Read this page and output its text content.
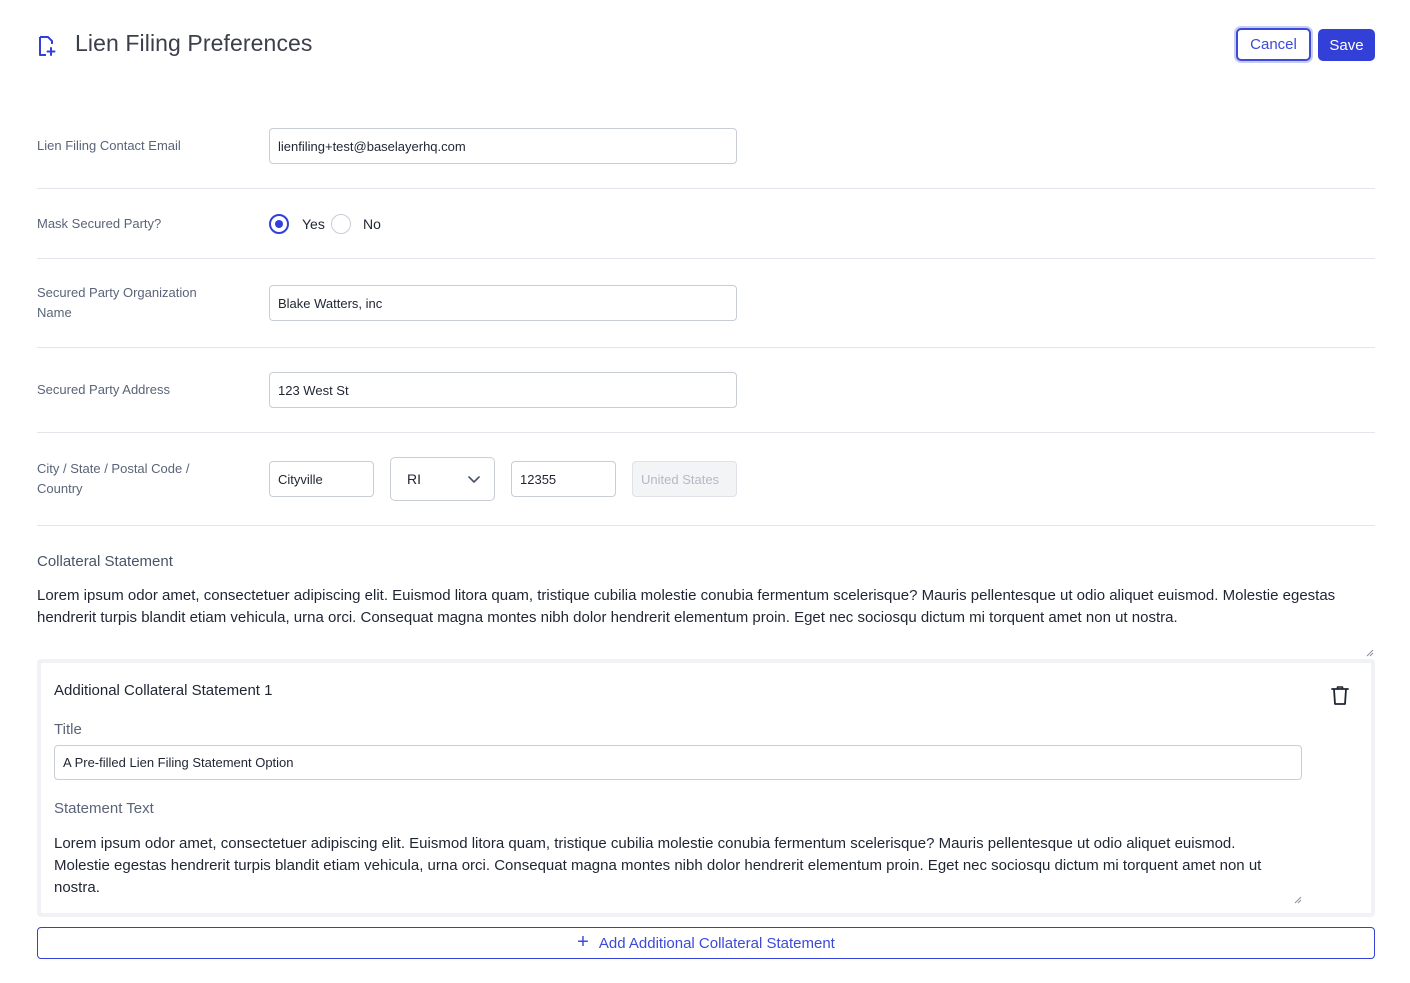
Lien Filing Preferences	Cancel	Save
Lien Filing Contact Email	lienfiling+test@baselayerhq.com
Mask Secured Party?	Yes	No
Secured Party Organization Name
Blake Watters, inc
Secured Party Address	123 West St
City / State / Postal Code / Country
Cityville	RI	12355	United States
Collateral Statement
Lorem ipsum odor amet, consectetuer adipiscing elit. Euismod litora quam, tristique cubilia molestie conubia fermentum scelerisque? Mauris pellentesque ut odio aliquet euismod. Molestie egestas hendrerit turpis blandit etiam vehicula, urna orci. Consequat magna montes nibh dolor hendrerit elementum proin. Eget nec sociosqu dictum mi torquent amet non ut nostra.
Additional Collateral Statement 1
Title
A Pre-filled Lien Filing Statement Option
Statement Text
Lorem ipsum odor amet, consectetuer adipiscing elit. Euismod litora quam, tristique cubilia molestie conubia fermentum scelerisque? Mauris pellentesque ut odio aliquet euismod. Molestie egestas hendrerit turpis blandit etiam vehicula, urna orci. Consequat magna montes nibh dolor hendrerit elementum proin. Eget nec sociosqu dictum mi torquent amet non ut nostra.
+ Add Additional Collateral Statement
